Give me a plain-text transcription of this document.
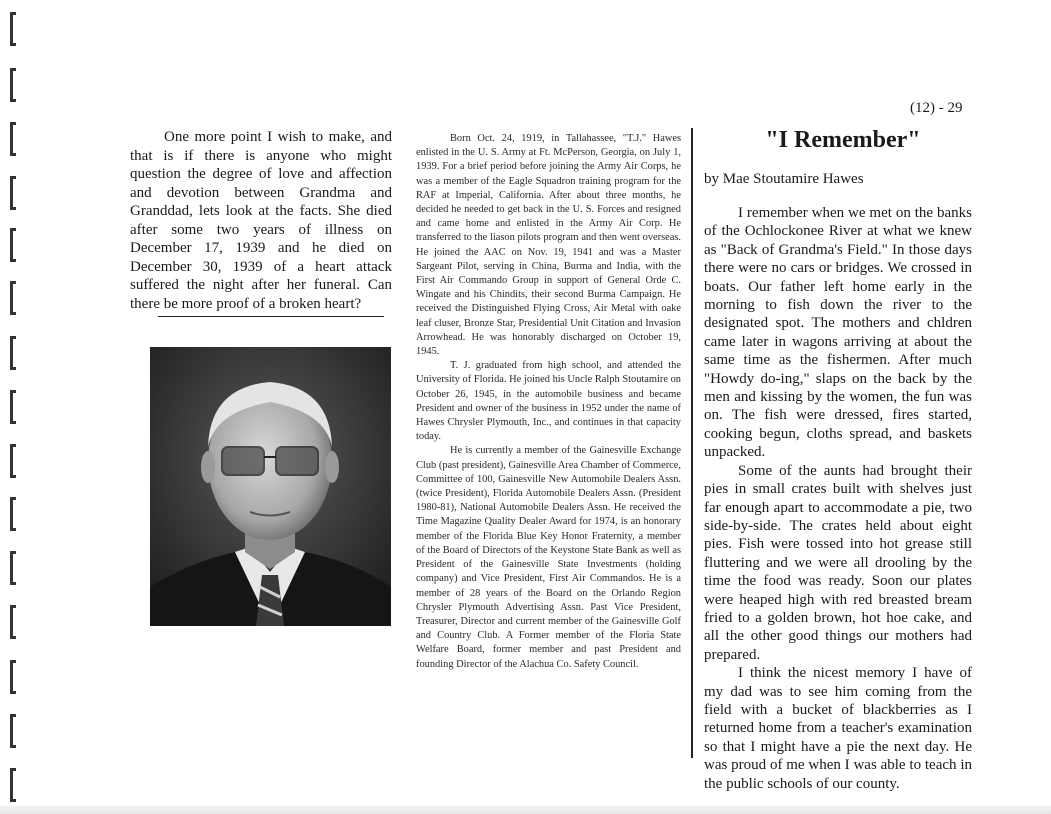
(12) - 29

One more point I wish to make, and that is if there is anyone who might question the degree of love and affection and devotion between Grandma and Granddad, lets look at the facts. She died after some two years of illness on December 17, 1939 and he died on December 30, 1939 of a heart attack suffered the night after her funeral. Can there be more proof of a broken heart?

Born Oct. 24, 1919, in Tallahassee, "T.J." Hawes enlisted in the U. S. Army at Ft. McPerson, Georgia, on July 1, 1939. For a brief period before joining the Army Air Corps, he was a member of the Eagle Squadron training program for the RAF at Imperial, California. After about three months, he decided he needed to get back in the U. S. Forces and resigned and came home and enlisted in the Army Air Corp. He transferred to the liason pilots program and then went overseas. He joined the AAC on Nov. 19, 1941 and was a Master Sargeant Pilot, serving in China, Burma and India, with the First Air Commando Group in support of General Orde C. Wingate and his Chindits, their second Burma Campaign. He received the Distinguished Flying Cross, Air Metal with oake leaf cluser, Bronze Star, Presidential Unit Citation and Invasion Arrowhead. He was honorably discharged on October 19, 1945.

T. J. graduated from high school, and attended the University of Florida. He joined his Uncle Ralph Stoutamire on October 26, 1945, in the automobile business and became President and owner of the business in 1952 under the name of Hawes Chrysler Plymouth, Inc., and continues in that capacity today.

He is currently a member of the Gainesville Exchange Club (past president), Gainesville Area Chamber of Commerce, Committee of 100, Gainesville New Automobile Dealers Assn. (twice President), Florida Automobile Dealers Assn. (President 1980-81), National Automobile Dealers Assn. He received the Time Magazine Quality Dealer Award for 1974, is an honorary member of the Florida Blue Key Honor Fraternity, a member of the Board of Directors of the Keystone State Bank as well as President of the Gainesville State Investments (holding company) and Vice President, First Air Commandos. He is a member of 28 years of the Board on the Orlando Region Chrysler Plymouth Advertising Assn. Past Vice President, Treasurer, Director and current member of the Gainesville Golf and Country Club. A Former member of the Floria State Welfare Board, former member and past President and founding Director of the Alachua Co. Safety Council.

"I Remember"
by Mae Stoutamire Hawes

I remember when we met on the banks of the Ochlockonee River at what we knew as "Back of Grandma's Field." In those days there were no cars or bridges. We crossed in boats. Our father left home early in the morning to fish down the river to the designated spot. The mothers and chldren came later in wagons arriving at about the same time as the fishermen. After much "Howdy do-ing," slaps on the back by the men and kissing by the women, the fun was on. The fish were dressed, fires started, cooking begun, cloths spread, and baskets unpacked.

Some of the aunts had brought their pies in small crates built with shelves just far enough apart to accommodate a pie, two side-by-side. The crates held about eight pies. Fish were tossed into hot grease still fluttering and we were all drooling by the time the food was ready. Soon our plates were heaped high with red breasted bream fried to a golden brown, hot hoe cake, and all the other good things our mothers had prepared.

I think the nicest memory I have of my dad was to see him coming from the field with a bucket of blackberries as I returned home from a teacher's examination so that I might have a pie the next day. He was proud of me when I was able to teach in the public schools of our county.
